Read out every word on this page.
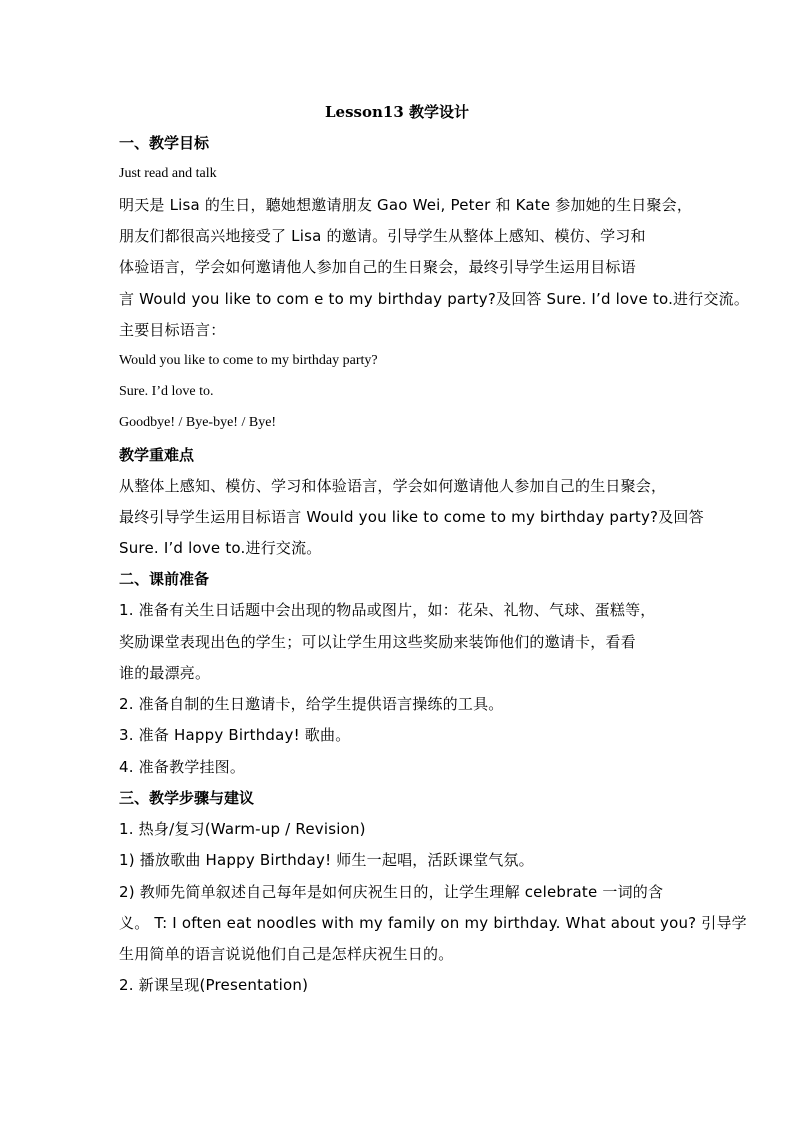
Lesson13 教学设计
一、教学目标
Just read and talk
明天是 Lisa 的生日，聽她想邀请朋友 Gao Wei, Peter 和 Kate 参加她的生日聚会，
朋友们都很高兴地接受了 Lisa 的邀请。引导学生从整体上感知、模仿、学习和
体验语言，学会如何邀请他人参加自己的生日聚会，最终引导学生运用目标语
言 Would you like to com e to my birthday party?及回答 Sure. I’d love to.进行交流。
主要目标语言：
Would you like to come to my birthday party?
Sure. I’d love to.
Goodbye! / Bye-bye! / Bye!
教学重难点
从整体上感知、模仿、学习和体验语言，学会如何邀请他人参加自己的生日聚会，
最终引导学生运用目标语言 Would you like to come to my birthday party?及回答
Sure. I’d love to.进行交流。
二、课前准备
1. 准备有关生日话题中会出现的物品或图片，如：花朵、礼物、气球、蛋糕等，
奖励课堂表现出色的学生；可以让学生用这些奖励来装饰他们的邀请卡，看看
谁的最漂亮。
2. 准备自制的生日邀请卡，给学生提供语言操练的工具。
3. 准备 Happy Birthday! 歌曲。
4. 准备教学挂图。
三、教学步骤与建议
1. 热身/复习(Warm-up / Revision)
1) 播放歌曲 Happy Birthday! 师生一起唱，活跃课堂气氛。
2) 教师先简单叙述自己每年是如何庆祝生日的，让学生理解 celebrate 一词的含
义。 T: I often eat noodles with my family on my birthday. What about you? 引导学
生用简单的语言说说他们自己是怎样庆祝生日的。
2. 新课呈现(Presentation)
